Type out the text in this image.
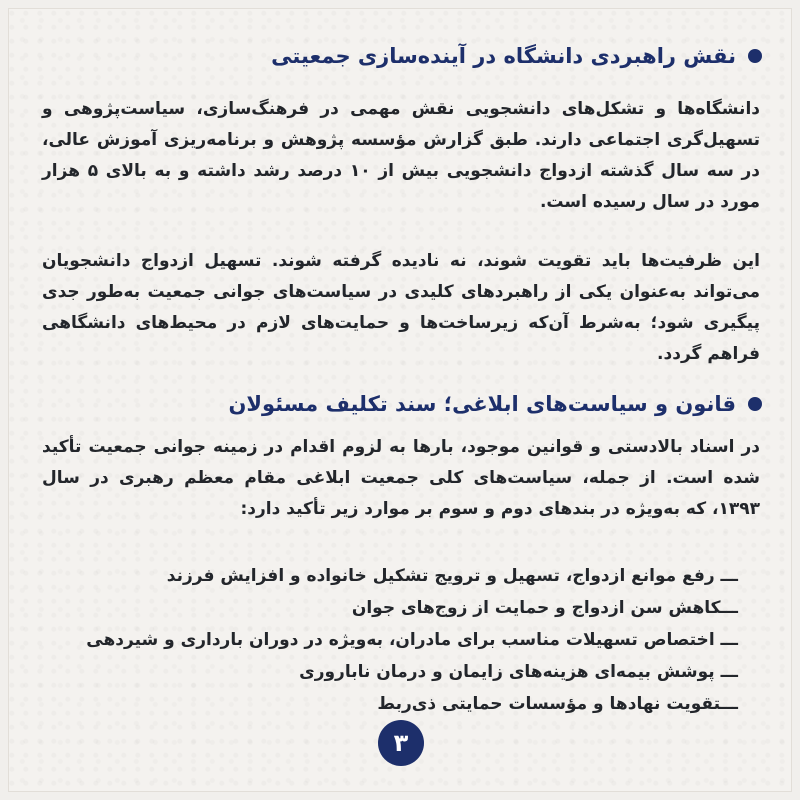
نقش راهبردی دانشگاه در آینده‌سازی جمعیتی

دانشگاه‌ها و تشکل‌های دانشجویی نقش مهمی در فرهنگ‌سازی، سیاست‌پژوهی و تسهیل‌گری اجتماعی دارند. طبق گزارش مؤسسه پژوهش و برنامه‌ریزی آموزش عالی، در سه سال گذشته ازدواج دانشجویی بیش از ۱۰ درصد رشد داشته و به بالای ۵ هزار مورد در سال رسیده است.

این ظرفیت‌ها باید تقویت شوند، نه نادیده گرفته شوند. تسهیل ازدواج دانشجویان می‌تواند به‌عنوان یکی از راهبردهای کلیدی در سیاست‌های جوانی جمعیت به‌طور جدی پیگیری شود؛ به‌شرط آن‌که زیرساخت‌ها و حمایت‌های لازم در محیط‌های دانشگاهی فراهم گردد.

قانون و سیاست‌های ابلاغی؛ سند تکلیف مسئولان

در اسناد بالادستی و قوانین موجود، بارها به لزوم اقدام در زمینه جوانی جمعیت تأکید شده است. از جمله، سیاست‌های کلی جمعیت ابلاغی مقام معظم رهبری در سال ۱۳۹۳، که به‌ویژه در بندهای دوم و سوم بر موارد زیر تأکید دارد:

ـــ رفع موانع ازدواج، تسهیل و ترویج تشکیل خانواده و افزایش فرزند
ـــکاهش سن ازدواج و حمایت از زوج‌های جوان
ـــ اختصاص تسهیلات مناسب برای مادران، به‌ویژه در دوران بارداری و شیردهی
ـــ پوشش بیمه‌ای هزینه‌های زایمان و درمان ناباروری
ـــتقویت نهادها و مؤسسات حمایتی ذی‌ربط
۳
